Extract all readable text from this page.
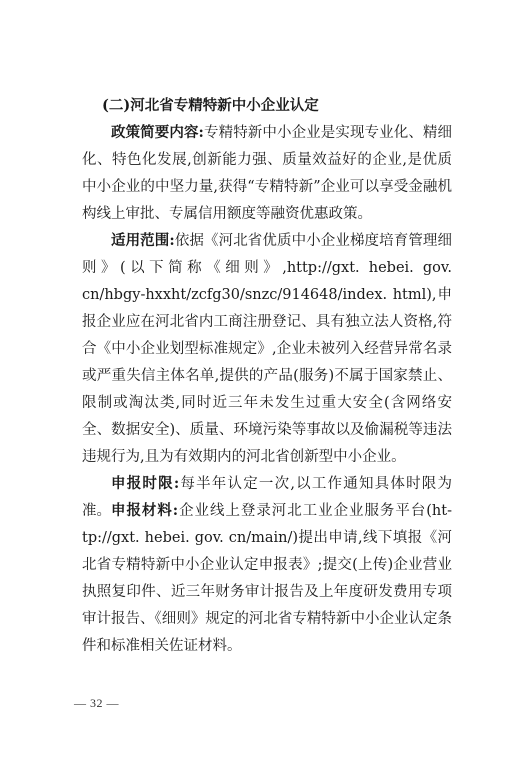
(二)河北省专精特新中小企业认定

政策简要内容:专精特新中小企业是实现专业化、精细化、特色化发展,创新能力强、质量效益好的企业,是优质中小企业的中坚力量,获得“专精特新”企业可以享受金融机构线上审批、专属信用额度等融资优惠政策。

适用范围:依据《河北省优质中小企业梯度培育管理细则》(以下简称《细则》,http://gxt. hebei. gov. cn/hbgy-hxxht/zcfg30/snzc/914648/index. html),申报企业应在河北省内工商注册登记、具有独立法人资格,符合《中小企业划型标准规定》,企业未被列入经营异常名录或严重失信主体名单,提供的产品(服务)不属于国家禁止、限制或淘汰类,同时近三年未发生过重大安全(含网络安全、数据安全)、质量、环境污染等事故以及偷漏税等违法违规行为,且为有效期内的河北省创新型中小企业。

申报时限:每半年认定一次,以工作通知具体时限为准。 申报材料:企业线上登录河北工业企业服务平台(ht-tp://gxt. hebei. gov. cn/main/)提出申请,线下填报《河北省专精特新中小企业认定申报表》;提交(上传)企业营业执照复印件、近三年财务审计报告及上年度研发费用专项审计报告、《细则》规定的河北省专精特新中小企业认定条件和标准相关佐证材料。

— 32 —
